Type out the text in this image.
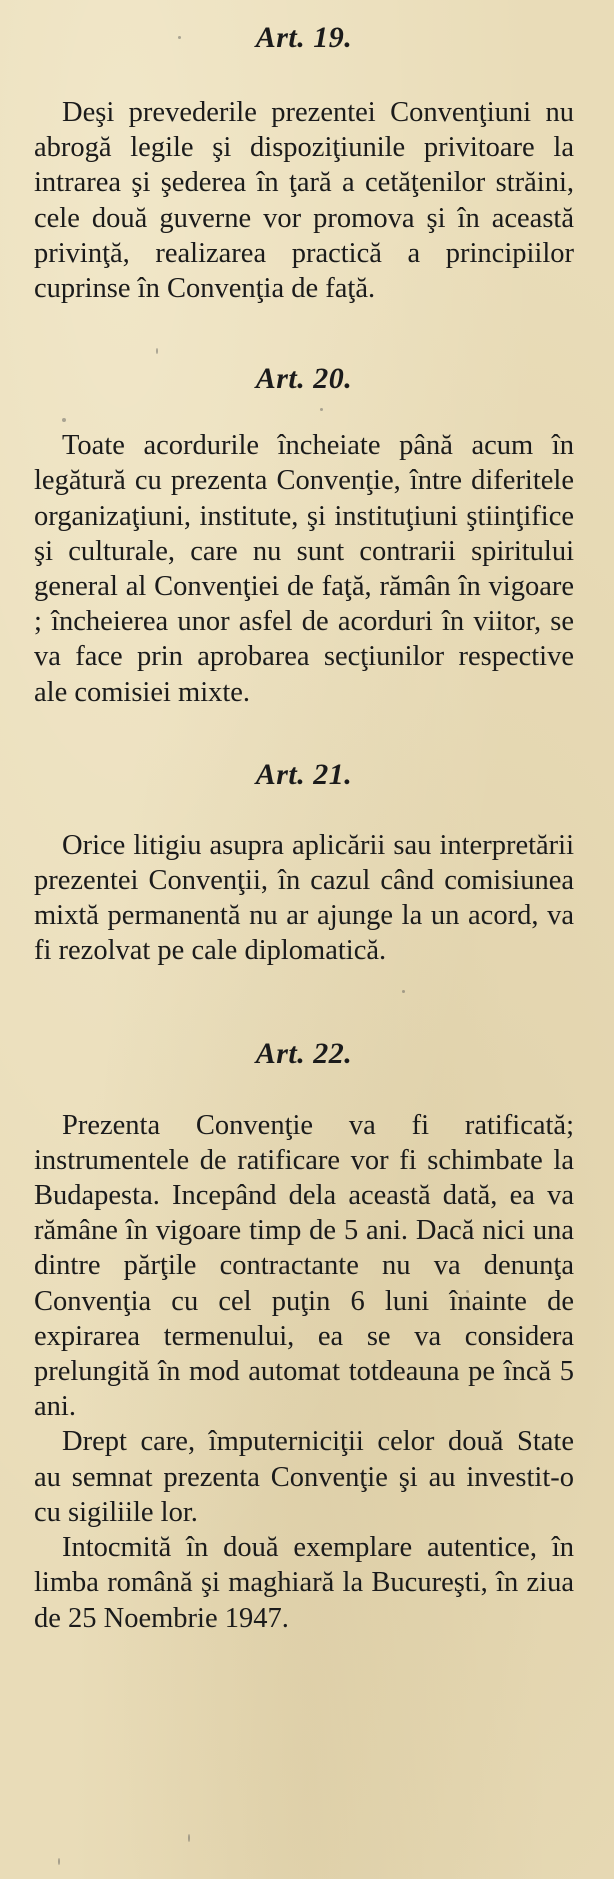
Art. 19.

Deşi prevederile prezentei Convenţiuni nu abrogă legile şi dispoziţiunile privitoare la intrarea şi şederea în ţară a cetăţenilor străini, cele două guverne vor promova şi în această privinţă, realizarea practică a principiilor cuprinse în Convenţia de faţă.

Art. 20.

Toate acordurile încheiate până acum în legătură cu prezenta Convenţie, între diferitele organizaţiuni, institute, şi instituţiuni ştiinţifice şi culturale, care nu sunt contrarii spiritului general al Convenţiei de faţă, rămân în vigoare ; încheierea unor asfel de acorduri în viitor, se va face prin aprobarea secţiunilor respective ale comisiei mixte.

Art. 21.

Orice litigiu asupra aplicării sau interpretării prezentei Convenţii, în cazul când comisiunea mixtă permanentă nu ar ajunge la un acord, va fi rezolvat pe cale diplomatică.

Art. 22.

Prezenta Convenţie va fi ratificată; instrumentele de ratificare vor fi schimbate la Budapesta. Incepând dela această dată, ea va rămâne în vigoare timp de 5 ani. Dacă nici una dintre părţile contractante nu va denunţa Convenţia cu cel puţin 6 luni înainte de expirarea termenului, ea se va considera prelungită în mod automat totdeauna pe încă 5 ani.

Drept care, împuterniciţii celor două State au semnat prezenta Convenţie şi au investit-o cu sigiliile lor.

Intocmită în două exemplare autentice, în limba română şi maghiară la Bucureşti, în ziua de 25 Noembrie 1947.
